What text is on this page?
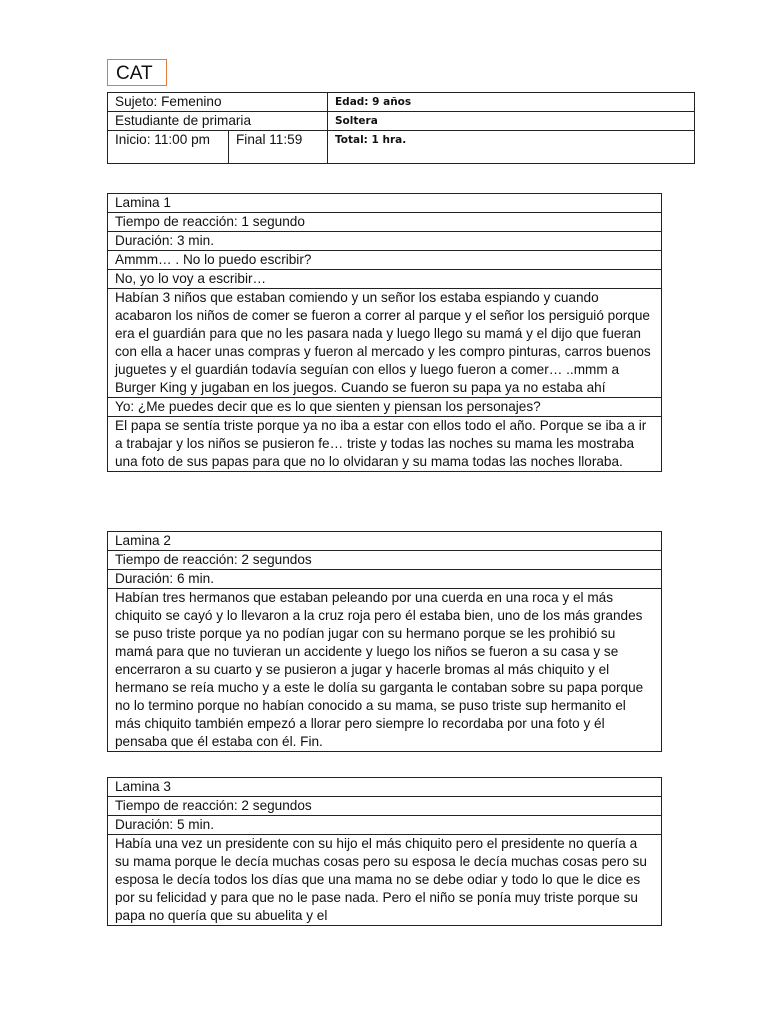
CAT
Sujeto: Femenino		Edad: 9 años
Estudiante de primaria		Soltera
Inicio: 11:00 pm	Final 11:59	Total: 1 hra.
Lamina 1
Tiempo de reacción: 1 segundo
Duración: 3 min.
Ammm… . No lo puedo escribir?
No, yo lo voy a escribir…
Habían 3 niños que estaban comiendo y un señor los estaba espiando y cuando acabaron los niños de comer se fueron a correr al parque y el señor los persiguió porque era el guardián para que no les pasara nada y luego llego su mamá y el dijo que fueran con ella a hacer unas compras y fueron al mercado y les compro pinturas, carros buenos juguetes y el guardián todavía seguían con ellos y luego fueron a comer… ..mmm a Burger King y jugaban en los juegos. Cuando se fueron su papa ya no estaba ahí
Yo: ¿Me puedes decir que es lo que sienten y piensan los personajes?
El papa se sentía triste porque ya no iba a estar con ellos todo el año. Porque se iba a ir a trabajar y los niños se pusieron fe… triste y todas las noches su mama les mostraba una foto de sus papas para que no lo olvidaran y su mama todas las noches lloraba.
Lamina 2
Tiempo de reacción: 2 segundos
Duración: 6 min.
Habían tres hermanos que estaban peleando por una cuerda en una roca y el más chiquito se cayó y lo llevaron a la cruz roja pero él estaba bien, uno de los más grandes se puso triste porque ya no podían jugar con su hermano porque se les prohibió su mamá para que no tuvieran un accidente y luego los niños se fueron a su casa y se encerraron a su cuarto y se pusieron a jugar y hacerle bromas al más chiquito y el hermano se reía mucho y a este le dolía su garganta le contaban sobre su papa porque no lo termino porque no habían conocido a su mama, se puso triste sup hermanito el más chiquito también empezó a llorar pero siempre lo recordaba por una foto y él pensaba que él estaba con él. Fin.
Lamina 3
Tiempo de reacción: 2 segundos
Duración: 5 min.
Había una vez un presidente con su hijo el más chiquito pero el presidente no quería a su mama porque le decía muchas cosas pero su esposa le decía muchas cosas pero su esposa le decía todos los días que una mama no se debe odiar y todo lo que le dice es por su felicidad y para que no le pase nada. Pero el niño se ponía muy triste porque su papa no quería que su abuelita y el
